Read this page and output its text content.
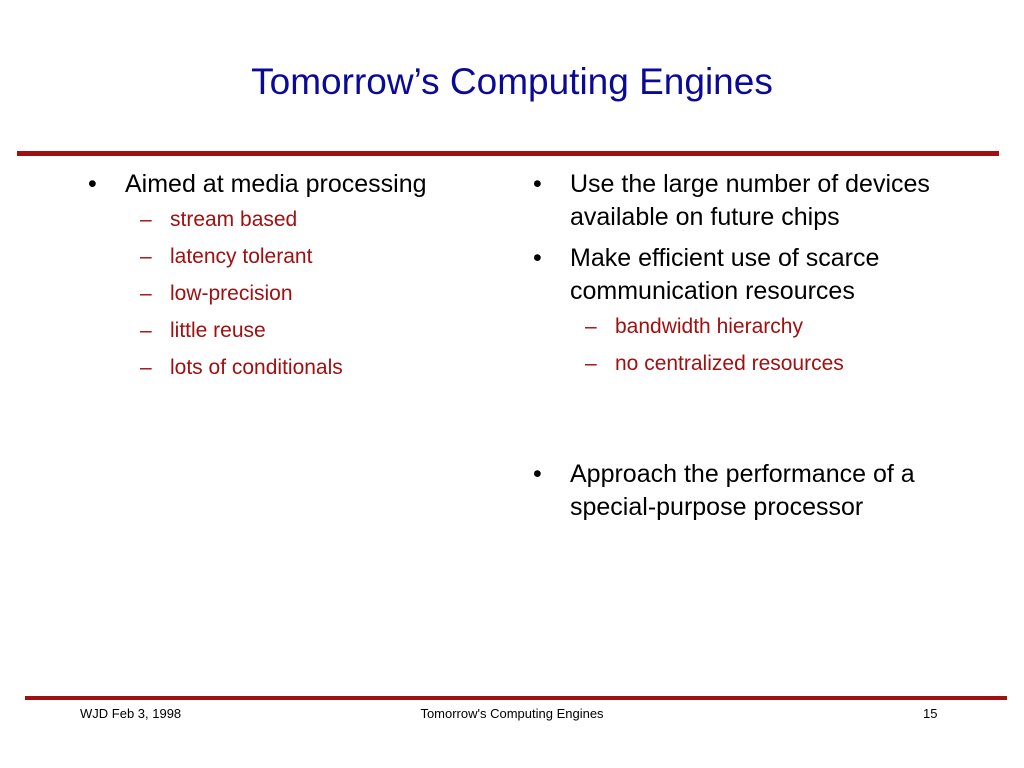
Tomorrow’s Computing Engines
• Aimed at media processing
– stream based
– latency tolerant
– low-precision
– little reuse
– lots of conditionals
• Use the large number of devices available on future chips
• Make efficient use of scarce communication resources
– bandwidth hierarchy
– no centralized resources
• Approach the performance of a special-purpose processor
WJD Feb 3, 1998	Tomorrow's Computing Engines	15
